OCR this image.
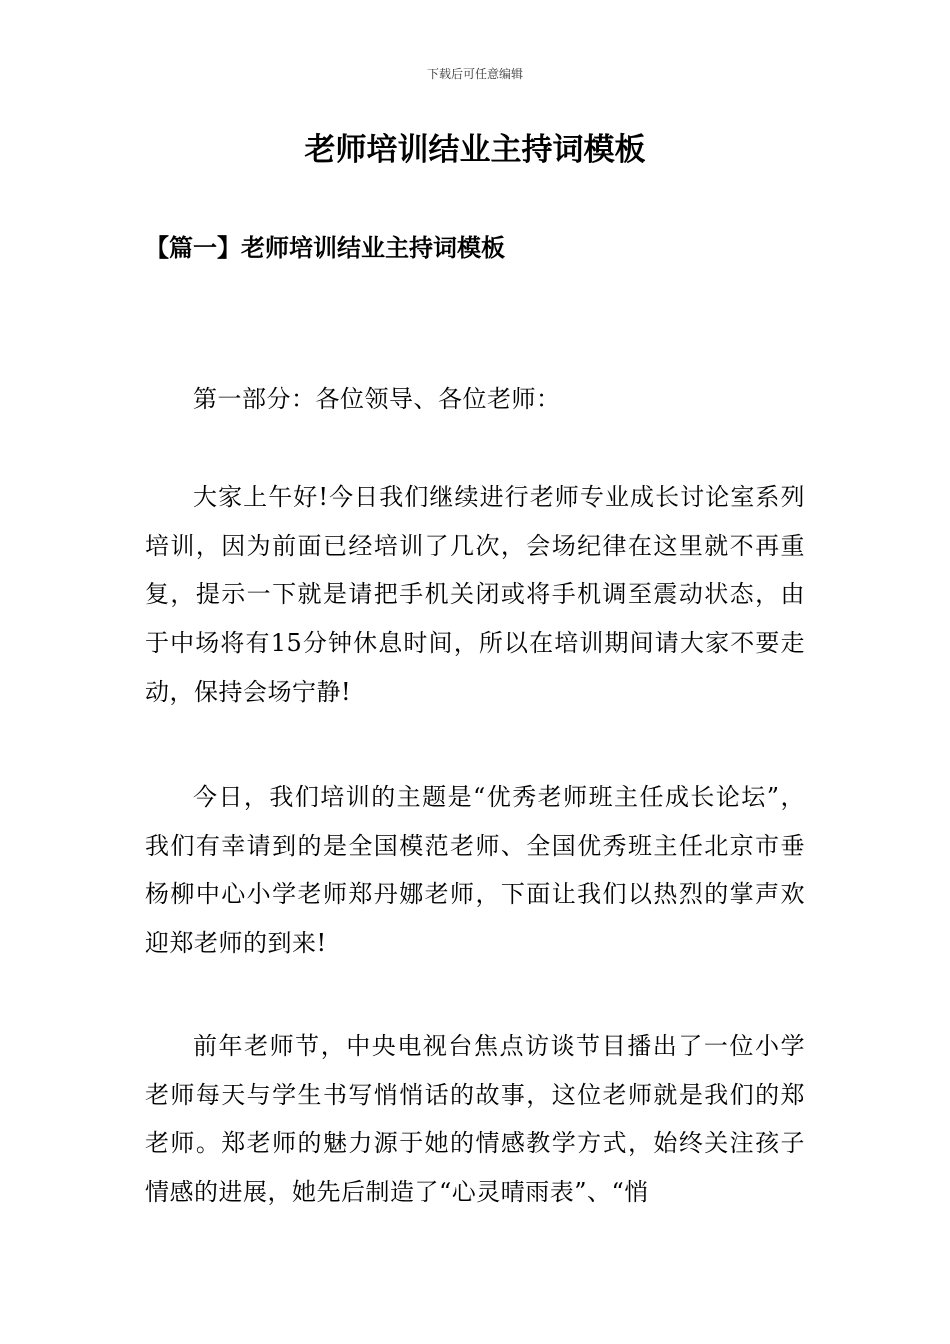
下载后可任意编辑
老师培训结业主持词模板
【篇一】老师培训结业主持词模板

第一部分：各位领导、各位老师：

大家上午好!今日我们继续进行老师专业成长讨论室系列培训，因为前面已经培训了几次，会场纪律在这里就不再重复，提示一下就是请把手机关闭或将手机调至震动状态，由于中场将有15分钟休息时间，所以在培训期间请大家不要走动，保持会场宁静!

今日，我们培训的主题是“优秀老师班主任成长论坛”，我们有幸请到的是全国模范老师、全国优秀班主任北京市垂杨柳中心小学老师郑丹娜老师，下面让我们以热烈的掌声欢迎郑老师的到来!

前年老师节，中央电视台焦点访谈节目播出了一位小学老师每天与学生书写悄悄话的故事，这位老师就是我们的郑老师。郑老师的魅力源于她的情感教学方式，始终关注孩子情感的进展，她先后制造了“心灵晴雨表”、“悄
